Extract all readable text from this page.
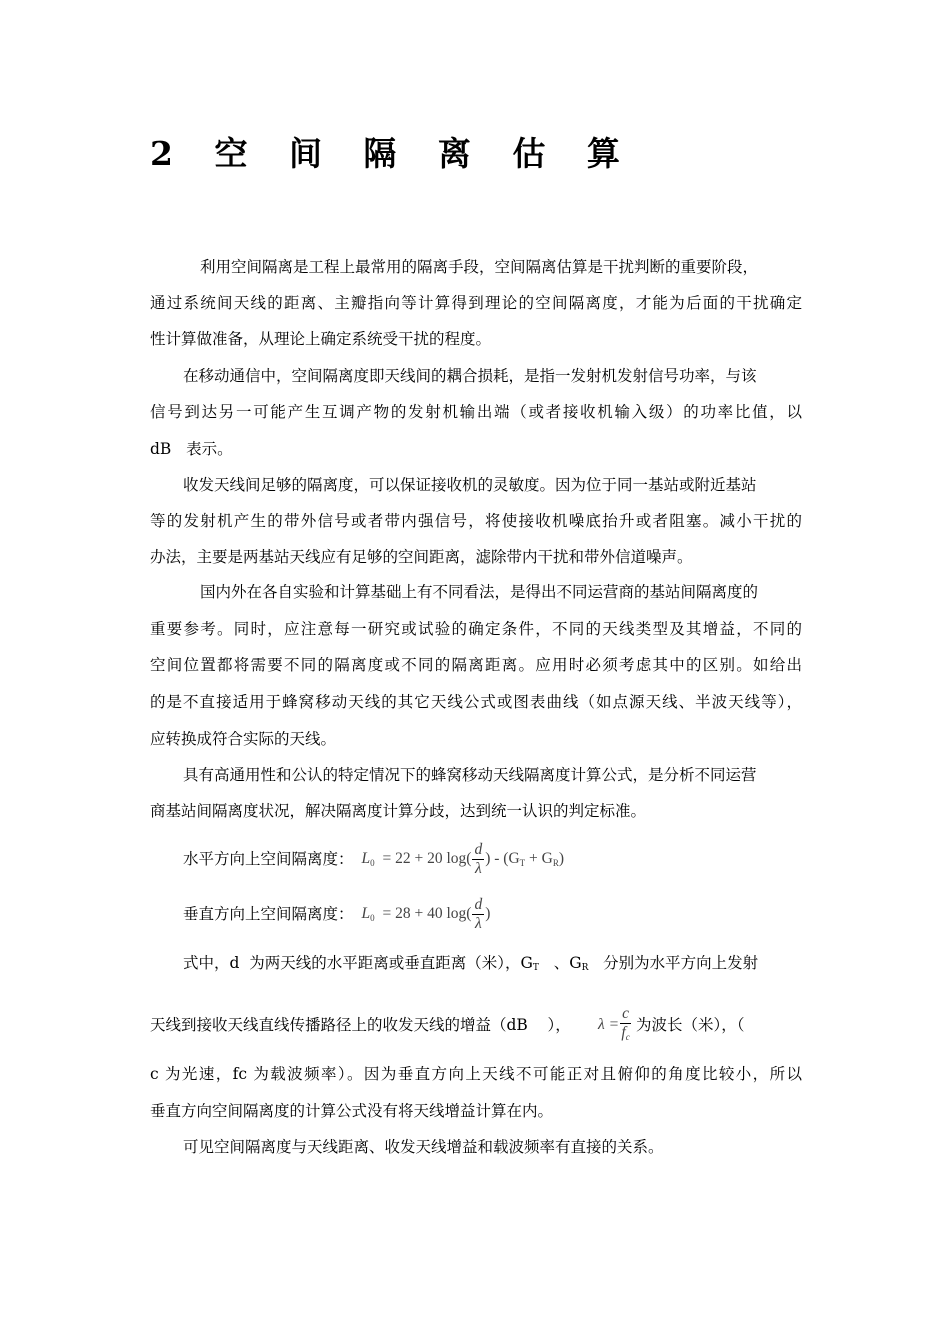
2 空 间 隔 离 估 算
利用空间隔离是工程上最常用的隔离手段，空间隔离估算是干扰判断的重要阶段，
通过系统间天线的距离、主瓣指向等计算得到理论的空间隔离度，才能为后面的干扰确定
性计算做准备，从理论上确定系统受干扰的程度。
在移动通信中，空间隔离度即天线间的耦合损耗，是指一发射机发射信号功率，与该
信号到达另一可能产生互调产物的发射机输出端（或者接收机输入级）的功率比值，以
dB   表示。
收发天线间足够的隔离度，可以保证接收机的灵敏度。因为位于同一基站或附近基站
等的发射机产生的带外信号或者带内强信号，将使接收机噪底抬升或者阻塞。减小干扰的
办法，主要是两基站天线应有足够的空间距离，滤除带内干扰和带外信道噪声。
国内外在各自实验和计算基础上有不同看法，是得出不同运营商的基站间隔离度的
重要参考。同时，应注意每一研究或试验的确定条件，不同的天线类型及其增益，不同的
空间位置都将需要不同的隔离度或不同的隔离距离。应用时必须考虑其中的区别。如给出
的是不直接适用于蜂窝移动天线的其它天线公式或图表曲线（如点源天线、半波天线等），
应转换成符合实际的天线。
具有高通用性和公认的特定情况下的蜂窝移动天线隔离度计算公式，是分析不同运营
商基站间隔离度状况，解决隔离度计算分歧，达到统一认识的判定标准。
水平方向上空间隔离度： $L_0 = 22 + 20$ $\log( \frac{d}{\lambda}$ ) - $(G_T + G_R)$
垂直方向上空间隔离度： $L_0 = 28 + 40$ $\log( \frac{d}{\lambda}$ )
式中，d  为两天线的水平距离或垂直距离（米），GT   、GR   分别为水平方向上发射
天线到接收天线直线传播路径上的收发天线的增益（dB    ），	$\lambda = \frac{c}{f_c}$

为波长（米），（
c 为光速，fc 为载波频率）。因为垂直方向上天线不可能正对且俯仰的角度比较小，所以
垂直方向空间隔离度的计算公式没有将天线增益计算在内。
可见空间隔离度与天线距离、收发天线增益和载波频率有直接的关系。
